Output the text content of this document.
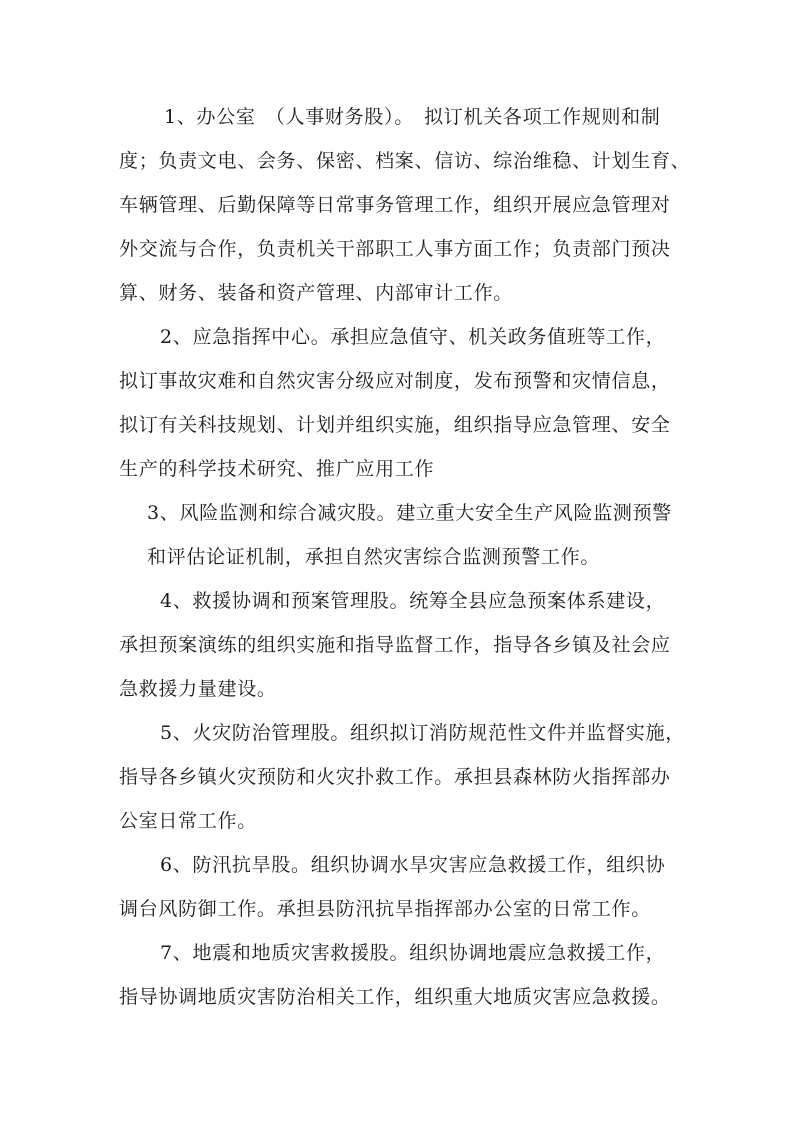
1、办公室　（人事财务股）。　拟订机关各项工作规则和制

度；负责文电、会务、保密、档案、信访、综治维稳、计划生育、

车辆管理、后勤保障等日常事务管理工作，组织开展应急管理对

外交流与合作，负责机关干部职工人事方面工作；负责部门预决

算、财务、装备和资产管理、内部审计工作。

2、应急指挥中心。承担应急值守、机关政务值班等工作，

拟订事故灾难和自然灾害分级应对制度，发布预警和灾情信息，

拟订有关科技规划、计划并组织实施，组织指导应急管理、安全

生产的科学技术研究、推广应用工作

3、风险监测和综合减灾股。建立重大安全生产风险监测预警

和评估论证机制，承担自然灾害综合监测预警工作。

4、救援协调和预案管理股。统筹全县应急预案体系建设，

承担预案演练的组织实施和指导监督工作，指导各乡镇及社会应

急救援力量建设。

5、火灾防治管理股。组织拟订消防规范性文件并监督实施，

指导各乡镇火灾预防和火灾扑救工作。承担县森林防火指挥部办

公室日常工作。

6、防汛抗旱股。组织协调水旱灾害应急救援工作，组织协

调台风防御工作。承担县防汛抗旱指挥部办公室的日常工作。

7、地震和地质灾害救援股。组织协调地震应急救援工作，

指导协调地质灾害防治相关工作，组织重大地质灾害应急救援。
